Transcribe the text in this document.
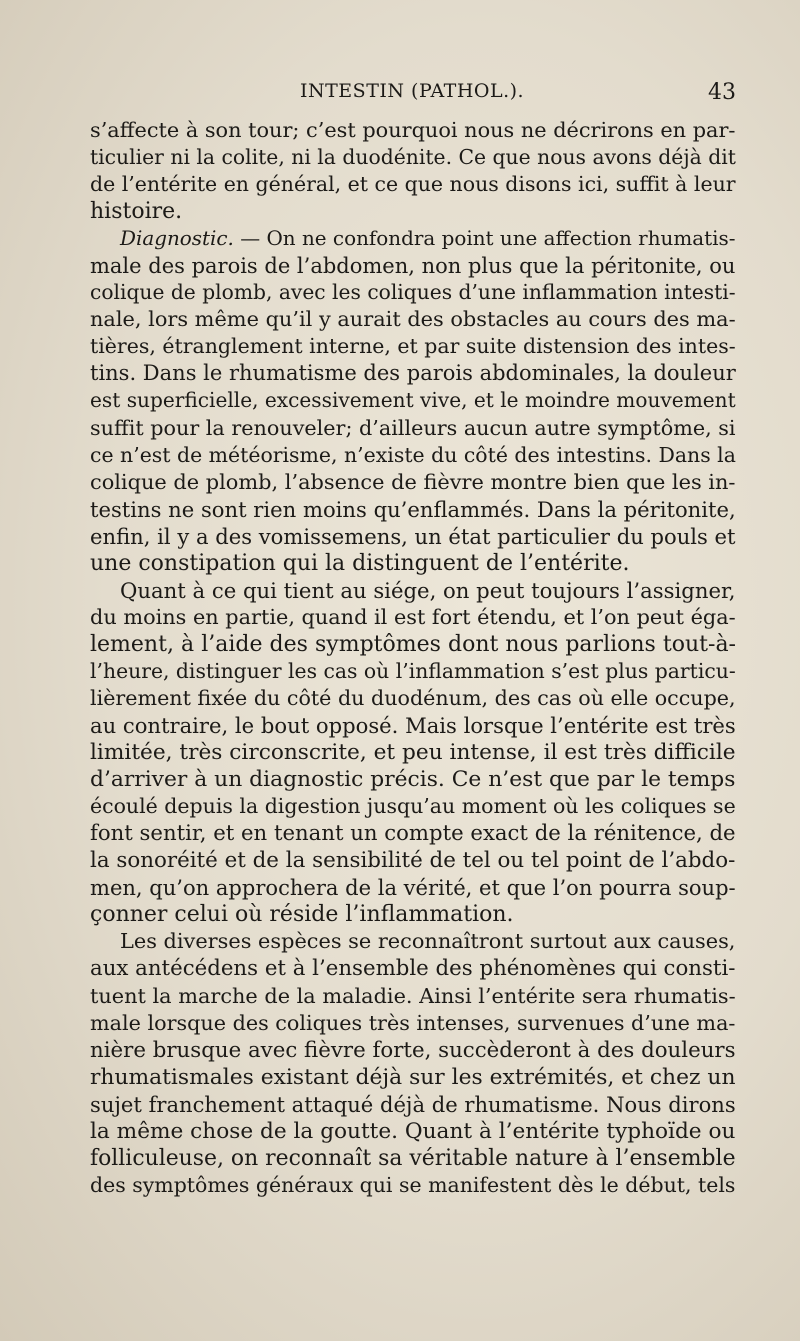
INTESTIN (PATHOL.).	43
s’affecte à son tour; c’est pourquoi nous ne décrirons en par-
ticulier ni la colite, ni la duodénite. Ce que nous avons déjà dit
de l’entérite en général, et ce que nous disons ici, suffit à leur
histoire.
Diagnostic. — On ne confondra point une affection rhumatis-
male des parois de l’abdomen, non plus que la péritonite, ou
colique de plomb, avec les coliques d’une inflammation intesti-
nale, lors même qu’il y aurait des obstacles au cours des ma-
tières, étranglement interne, et par suite distension des intes-
tins. Dans le rhumatisme des parois abdominales, la douleur
est superficielle, excessivement vive, et le moindre mouvement
suffit pour la renouveler; d’ailleurs aucun autre symptôme, si
ce n’est de météorisme, n’existe du côté des intestins. Dans la
colique de plomb, l’absence de fièvre montre bien que les in-
testins ne sont rien moins qu’enflammés. Dans la péritonite,
enfin, il y a des vomissemens, un état particulier du pouls et
une constipation qui la distinguent de l’entérite.
Quant à ce qui tient au siége, on peut toujours l’assigner,
du moins en partie, quand il est fort étendu, et l’on peut éga-
lement, à l’aide des symptômes dont nous parlions tout-à-
l’heure, distinguer les cas où l’inflammation s’est plus particu-
lièrement fixée du côté du duodénum, des cas où elle occupe,
au contraire, le bout opposé. Mais lorsque l’entérite est très
limitée, très circonscrite, et peu intense, il est très difficile
d’arriver à un diagnostic précis. Ce n’est que par le temps
écoulé depuis la digestion jusqu’au moment où les coliques se
font sentir, et en tenant un compte exact de la rénitence, de
la sonoréité et de la sensibilité de tel ou tel point de l’abdo-
men, qu’on approchera de la vérité, et que l’on pourra soup-
çonner celui où réside l’inflammation.
Les diverses espèces se reconnaîtront surtout aux causes,
aux antécédens et à l’ensemble des phénomènes qui consti-
tuent la marche de la maladie. Ainsi l’entérite sera rhumatis-
male lorsque des coliques très intenses, survenues d’une ma-
nière brusque avec fièvre forte, succèderont à des douleurs
rhumatismales existant déjà sur les extrémités, et chez un
sujet franchement attaqué déjà de rhumatisme. Nous dirons
la même chose de la goutte. Quant à l’entérite typhoïde ou
folliculeuse, on reconnaît sa véritable nature à l’ensemble
des symptômes généraux qui se manifestent dès le début, tels
